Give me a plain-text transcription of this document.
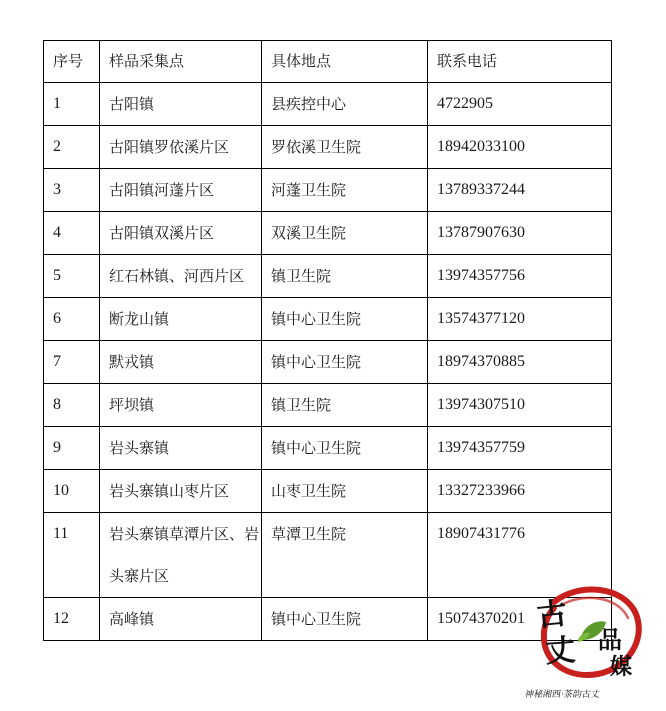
序号	样品采集点	具体地点	联系电话
1	古阳镇	县疾控中心	4722905
2	古阳镇罗依溪片区	罗依溪卫生院	18942033100
3	古阳镇河蓬片区	河蓬卫生院	13789337244
4	古阳镇双溪片区	双溪卫生院	13787907630
5	红石林镇、河西片区	镇卫生院	13974357756
6	断龙山镇	镇中心卫生院	13574377120
7	默戎镇	镇中心卫生院	18974370885
8	坪坝镇	镇卫生院	13974307510
9	岩头寨镇	镇中心卫生院	13974357759
10	岩头寨镇山枣片区	山枣卫生院	13327233966
11	岩头寨镇草潭片区、岩头寨片区	草潭卫生院	18907431776
12	高峰镇	镇中心卫生院	15074370201 古
丈 品
媒
神秘湘西·茶韵古丈
